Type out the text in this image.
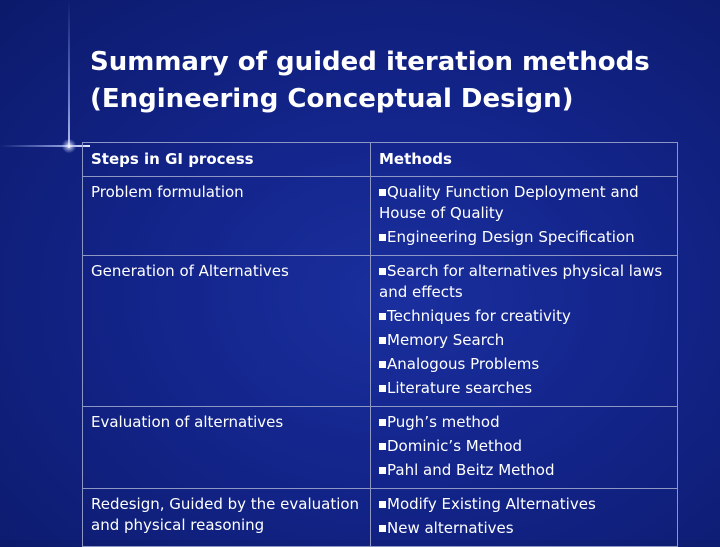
Summary of guided iteration methods
(Engineering Conceptual Design)
Steps in GI process	Methods
Problem formulation	Quality Function Deployment and House of Quality
Engineering Design Specification

Generation of Alternatives	Search for alternatives physical laws and effects
Techniques for creativity
Memory Search
Analogous Problems
Literature searches

Evaluation of alternatives	Pugh’s method
Dominic’s Method
Pahl and Beitz Method

Redesign, Guided by the evaluation and physical reasoning	Modify Existing Alternatives
New alternatives
